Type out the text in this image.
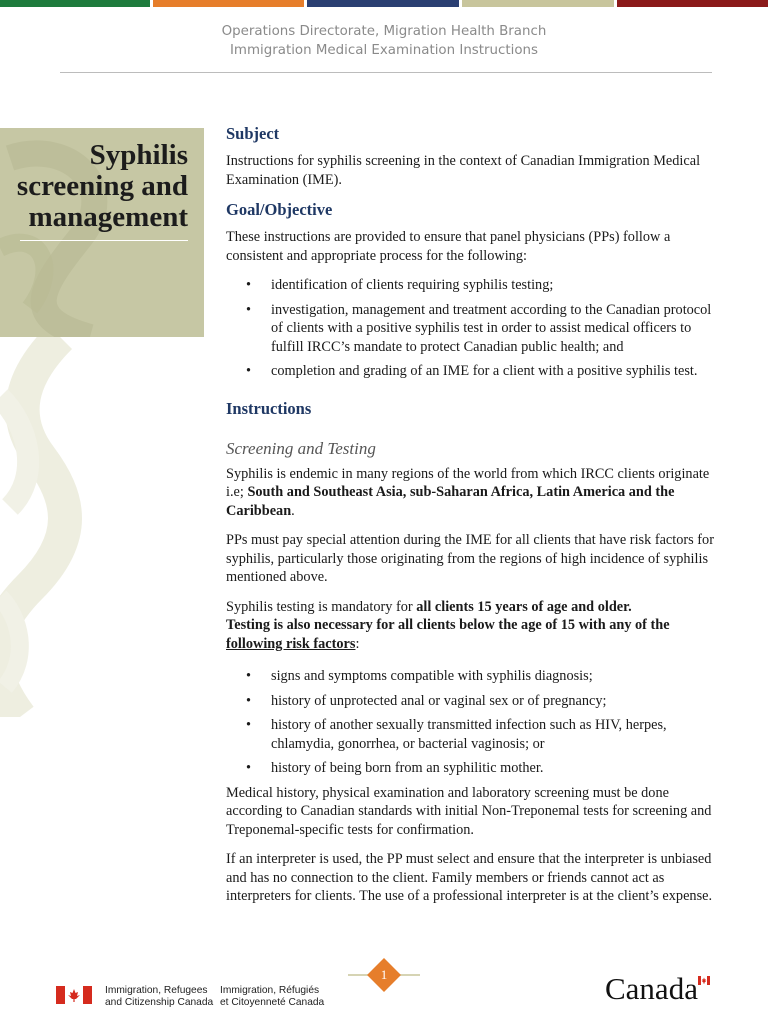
Operations Directorate, Migration Health Branch
Immigration Medical Examination Instructions
Syphilis
screening and
management
Subject

Instructions for syphilis screening in the context of Canadian Immigration Medical Examination (IME).

Goal/Objective

These instructions are provided to ensure that panel physicians (PPs) follow a consistent and appropriate process for the following:

• identification of clients requiring syphilis testing;
• investigation, management and treatment according to the Canadian protocol of clients with a positive syphilis test in order to assist medical officers to fulfill IRCC’s mandate to protect Canadian public health; and
• completion and grading of an IME for a client with a positive syphilis test.
Instructions
Screening and Testing

Syphilis is endemic in many regions of the world from which IRCC clients originate i.e; South and Southeast Asia, sub-Saharan Africa, Latin America and the Caribbean.

PPs must pay special attention during the IME for all clients that have risk factors for syphilis, particularly those originating from the regions of high incidence of syphilis mentioned above.

Syphilis testing is mandatory for all clients 15 years of age and older.
Testing is also necessary for all clients below the age of 15 with any of the following risk factors:

• signs and symptoms compatible with syphilis diagnosis;
• history of unprotected anal or vaginal sex or of pregnancy;
• history of another sexually transmitted infection such as HIV, herpes, chlamydia, gonorrhea, or bacterial vaginosis; or
• history of being born from an syphilitic mother.

Medical history, physical examination and laboratory screening must be done according to Canadian standards with initial Non-Treponemal tests for screening and Treponemal-specific tests for confirmation.

If an interpreter is used, the PP must select and ensure that the interpreter is unbiased and has no connection to the client. Family members or friends cannot act as interpreters for clients. The use of a professional interpreter is at the client’s expense.

1
Immigration, Refugees
and Citizenship Canada
Immigration, Réfugiés
et Citoyenneté Canada	Canada
